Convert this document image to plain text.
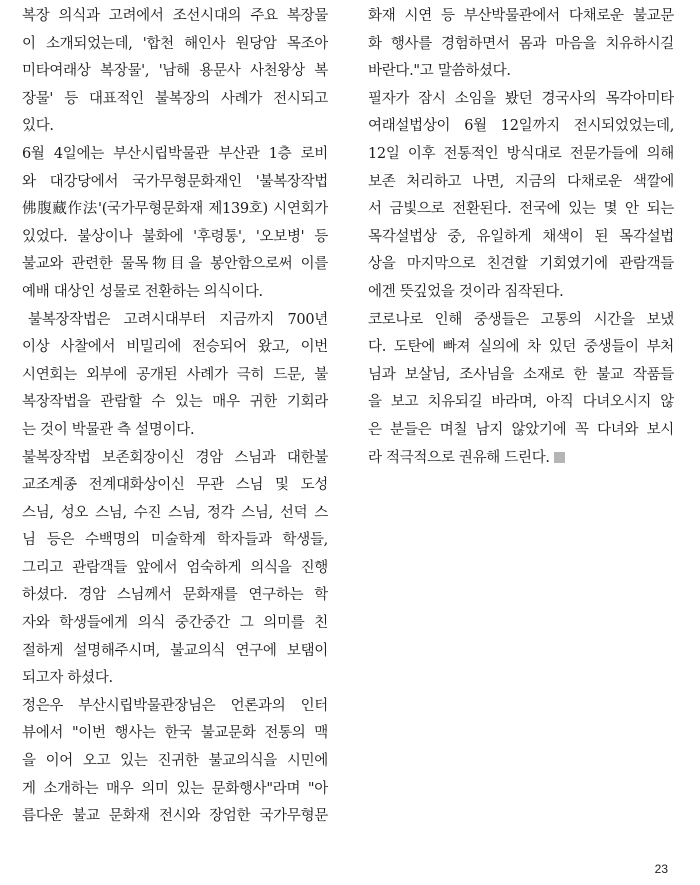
복장 의식과 고려에서 조선시대의 주요 복장물
이 소개되었는데, '합천 해인사 원당암 목조아
미타여래상 복장물', '남해 용문사 사천왕상 복
장물' 등 대표적인 불복장의 사례가 전시되고
있다.
6월 4일에는 부산시립박물관 부산관 1층 로비
와 대강당에서 국가무형문화재인 '불복장작법
佛腹藏作法'(국가무형문화재 제139호) 시연회가
있었다. 불상이나 불화에 '후령통', '오보병' 등
불교와 관련한 물목物目을 봉안함으로써 이를
예배 대상인 성물로 전환하는 의식이다.
불복장작법은 고려시대부터 지금까지 700년
이상 사찰에서 비밀리에 전승되어 왔고, 이번
시연회는 외부에 공개된 사례가 극히 드문, 불
복장작법을 관람할 수 있는 매우 귀한 기회라
는 것이 박물관 측 설명이다.
불복장작법 보존회장이신 경암 스님과 대한불
교조계종 전계대화상이신 무관 스님 및 도성
스님, 성오 스님, 수진 스님, 정각 스님, 선덕 스
님 등은 수백명의 미술학계 학자들과 학생들,
그리고 관람객들 앞에서 엄숙하게 의식을 진행
하셨다. 경암 스님께서 문화재를 연구하는 학
자와 학생들에게 의식 중간중간 그 의미를 친
절하게 설명해주시며, 불교의식 연구에 보탬이
되고자 하셨다.
정은우 부산시립박물관장님은 언론과의 인터
뷰에서 "이번 행사는 한국 불교문화 전통의 맥
을 이어 오고 있는 진귀한 불교의식을 시민에
게 소개하는 매우 의미 있는 문화행사"라며 "아
름다운 불교 문화재 전시와 장엄한 국가무형문
화재 시연 등 부산박물관에서 다채로운 불교문
화 행사를 경험하면서 몸과 마음을 치유하시길
바란다."고 말씀하셨다.
필자가 잠시 소임을 봤던 경국사의 목각아미타
여래설법상이 6월 12일까지 전시되었었는데,
12일 이후 전통적인 방식대로 전문가들에 의해
보존 처리하고 나면, 지금의 다채로운 색깔에
서 금빛으로 전환된다. 전국에 있는 몇 안 되는
목각설법상 중, 유일하게 채색이 된 목각설법
상을 마지막으로 친견할 기회였기에 관람객들
에겐 뜻깊었을 것이라 짐작된다.
코로나로 인해 중생들은 고통의 시간을 보냈
다. 도탄에 빠져 실의에 차 있던 중생들이 부처
님과 보살님, 조사님을 소재로 한 불교 작품들
을 보고 치유되길 바라며, 아직 다녀오시지 않
은 분들은 며칠 남지 않았기에 꼭 다녀와 보시
라 적극적으로 권유해 드린다.
23
